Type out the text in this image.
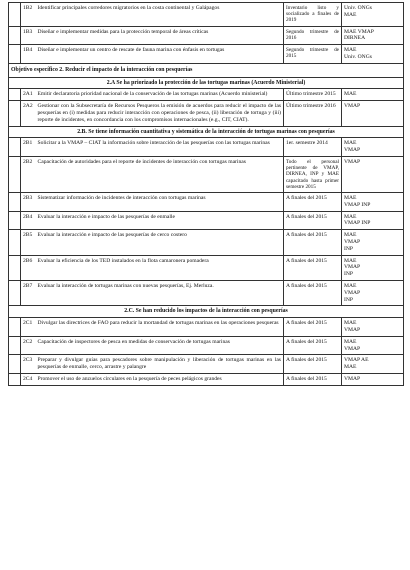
	1B2	Identificar principales corredores migratorios en la costa continental y Galápagos	Inventario listo y socializado a finales de 2019	Univ. ONGs
MAE
	1B3	Diseñar e implementar medidas para la protección temporal de áreas críticas	Segundo trimestre de 2016	MAE VMAP
DIRNEA
	1B4	Diseñar e implementar un centro de rescate de fauna marina con énfasis en tortugas	Segundo trimestre de 2015	MAE
Univ. ONGs
Objetivo específico 2. Reducir el impacto de la interacción con pesquerías				
2.A Se ha priorizado la protección de las tortugas marinas (Acuerdo Ministerial)				
	2A1	Emitir declaratoria prioridad nacional de la conservación de las tortugas marinas (Acuerdo ministerial)	Último trimestre 2015	MAE
	2A2	Gestionar con la Subsecretaría de Recursos Pesqueros la emisión de acuerdos para reducir el impacto de las pesquerías en (i) medidas para reducir interacción con operaciones de pesca, (ii) liberación de tortuga y (iii) reporte de incidentes, en concordancia con los compromisos internacionales (e.g., CIT, CIAT).	Último trimestre 2016	VMAP
2.B. Se tiene información cuantitativa y sistemática de la interacción de tortugas marinas con pesquerías				
	2B1	Solicitar a la VMAP – CIAT la información sobre interacción de las pesquerías con las tortugas marinas	1er. semestre 2014	MAE
VMAP
	2B2	Capacitación de autoridades para el reporte de incidentes de interacción con tortugas marinas	Todo el personal pertinente de VMAP, DIRNEA, INP y MAE capacitado hasta primer semestre 2015	VMAP
	2B3	Sistematizar información de incidentes de interacción con tortugas marinas	A finales del 2015	MAE
VMAP INP
	2B4	Evaluar la interacción e impacto de las pesquerías de enmalle	A finales del 2015	MAE
VMAP INP
	2B5	Evaluar la interacción e impacto de las pesquerías de cerco costero	A finales del 2015	MAE
VMAP
INP
	2B6	Evaluar la eficiencia de los TED instalados en la flota camaronera pomadera	A finales del 2015	MAE
VMAP
INP
	2B7	Evaluar la interacción de tortugas marinas con nuevas pesquerías, Ej. Merluza.	A finales del 2015	MAE
VMAP
INP
2.C. Se han reducido los impactos de la interacción con pesquerías				
	2C1	Divulgar las directrices de FAO para reducir la mortandad de tortugas marinas en las operaciones pesqueras	A finales del 2015	MAE
VMAP
	2C2	Capacitación de inspectores de pesca en medidas de conservación de tortugas marinas	A finales del 2015	MAE
VMAP
	2C3	Preparar y divulgar guías para pescadores sobre manipulación y liberación de tortugas marinas en las pesquerías de enmalle, cerco, arrastre y palangre	A finales del 2015	VMAP AE
MAE
	2C4	Promover el uso de anzuelos circulares en la pesquería de peces pelágicos grandes	A finales del 2015	VMAP
